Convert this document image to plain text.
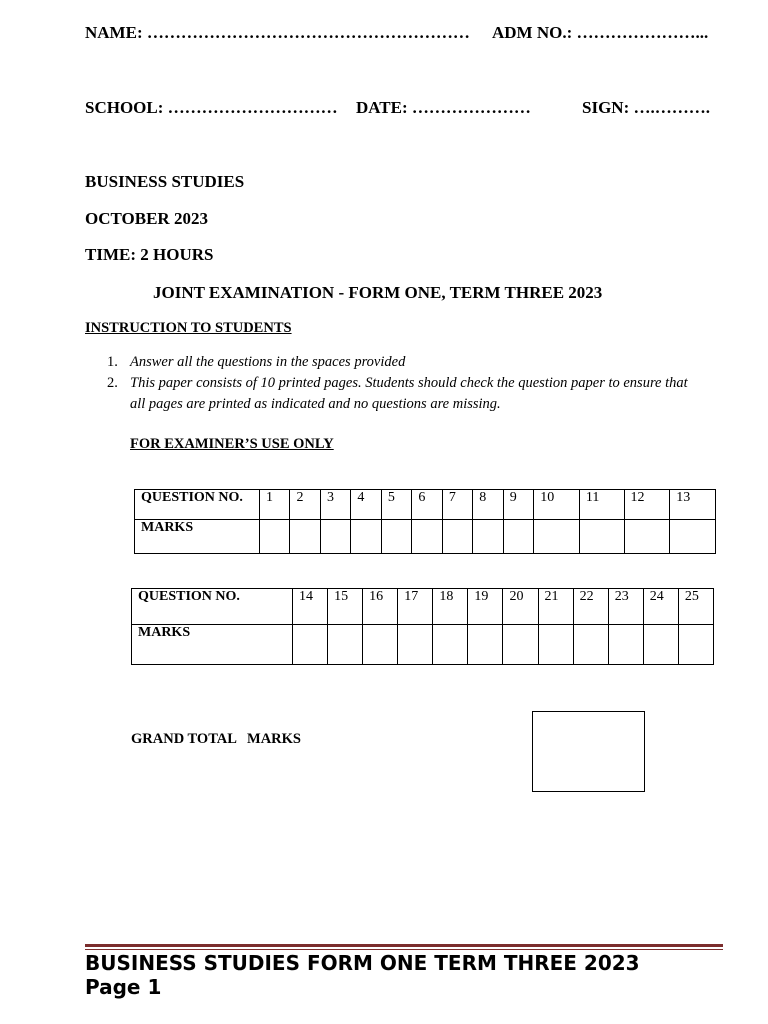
NAME: ………………………………………………… ADM NO.: …………………...
SCHOOL: ………………………… DATE: …………………	SIGN: ….……….
BUSINESS STUDIES
OCTOBER 2023
TIME: 2 HOURS
JOINT EXAMINATION - FORM ONE, TERM THREE 2023
INSTRUCTION TO STUDENTS
1. Answer all the questions in the spaces provided
2. This paper consists of 10 printed pages. Students should check the question paper to ensure that
all pages are printed as indicated and no questions are missing.
FOR EXAMINER’S USE ONLY
QUESTION NO.	1	2	3	4	5	6	7	8	9	10	11	12	13
MARKS													
QUESTION NO.	14	15	16	17	18	19	20	21	22	23	24	25
MARKS												
GRAND TOTAL   MARKS
BUSINESS STUDIES FORM ONE TERM THREE 2023
Page 1
